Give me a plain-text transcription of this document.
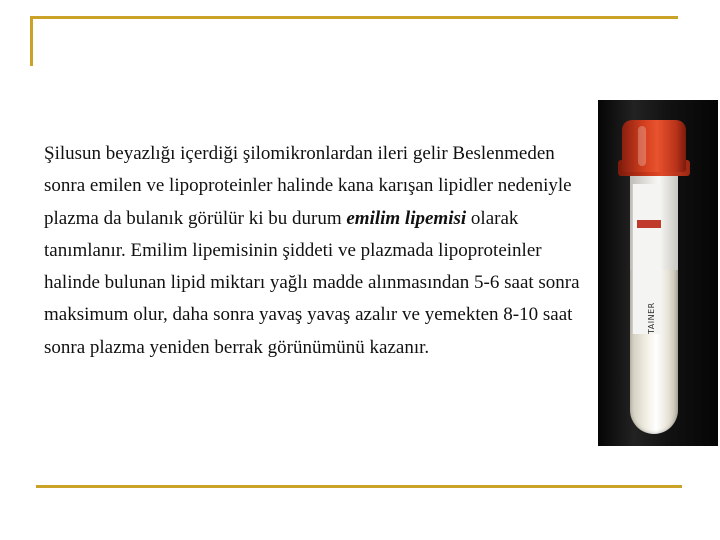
Şilusun beyazlığı içerdiği şilomikronlardan ileri gelir Beslenmeden sonra emilen ve lipoproteinler halinde kana karışan lipidler nedeniyle plazma da bulanık görülür ki bu durum emilim lipemisi olarak tanımlanır. Emilim lipemisinin şiddeti ve plazmada lipoproteinler halinde bulunan lipid miktarı yağlı madde alınmasından 5-6 saat sonra maksimum olur, daha sonra yavaş yavaş azalır ve yemekten 8-10 saat sonra plazma yeniden berrak görünümünü kazanır.

TAINER
